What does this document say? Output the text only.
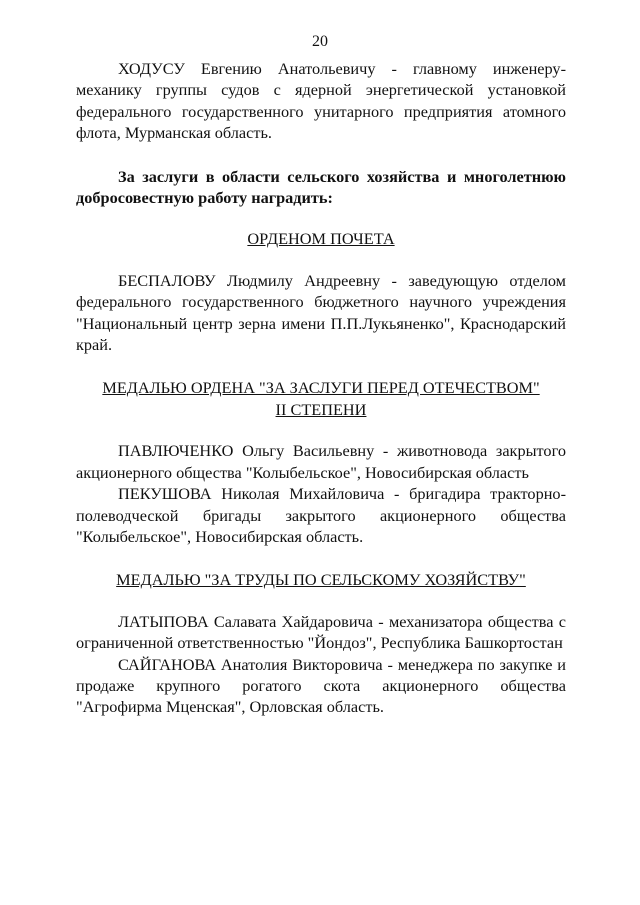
20

ХОДУСУ Евгению Анатольевичу - главному инженеру-механику группы судов с ядерной энергетической установкой федерального государственного унитарного предприятия атомного флота, Мурманская область.

За заслуги в области сельского хозяйства и многолетнюю добросовестную работу наградить:

ОРДЕНОМ ПОЧЕТА

БЕСПАЛОВУ Людмилу Андреевну - заведующую отделом федерального государственного бюджетного научного учреждения "Национальный центр зерна имени П.П.Лукьяненко", Краснодарский край.

МЕДАЛЬЮ ОРДЕНА "ЗА ЗАСЛУГИ ПЕРЕД ОТЕЧЕСТВОМ"

II СТЕПЕНИ

ПАВЛЮЧЕНКО Ольгу Васильевну - животновода закрытого акционерного общества "Колыбельское", Новосибирская область

ПЕКУШОВА Николая Михайловича - бригадира тракторно-полеводческой бригады закрытого акционерного общества "Колыбельское", Новосибирская область.

МЕДАЛЬЮ "ЗА ТРУДЫ ПО СЕЛЬСКОМУ ХОЗЯЙСТВУ"

ЛАТЫПОВА Салавата Хайдаровича - механизатора общества с ограниченной ответственностью "Йондоз", Республика Башкортостан

САЙГАНОВА Анатолия Викторовича - менеджера по закупке и продаже крупного рогатого скота акционерного общества "Агрофирма Мценская", Орловская область.
